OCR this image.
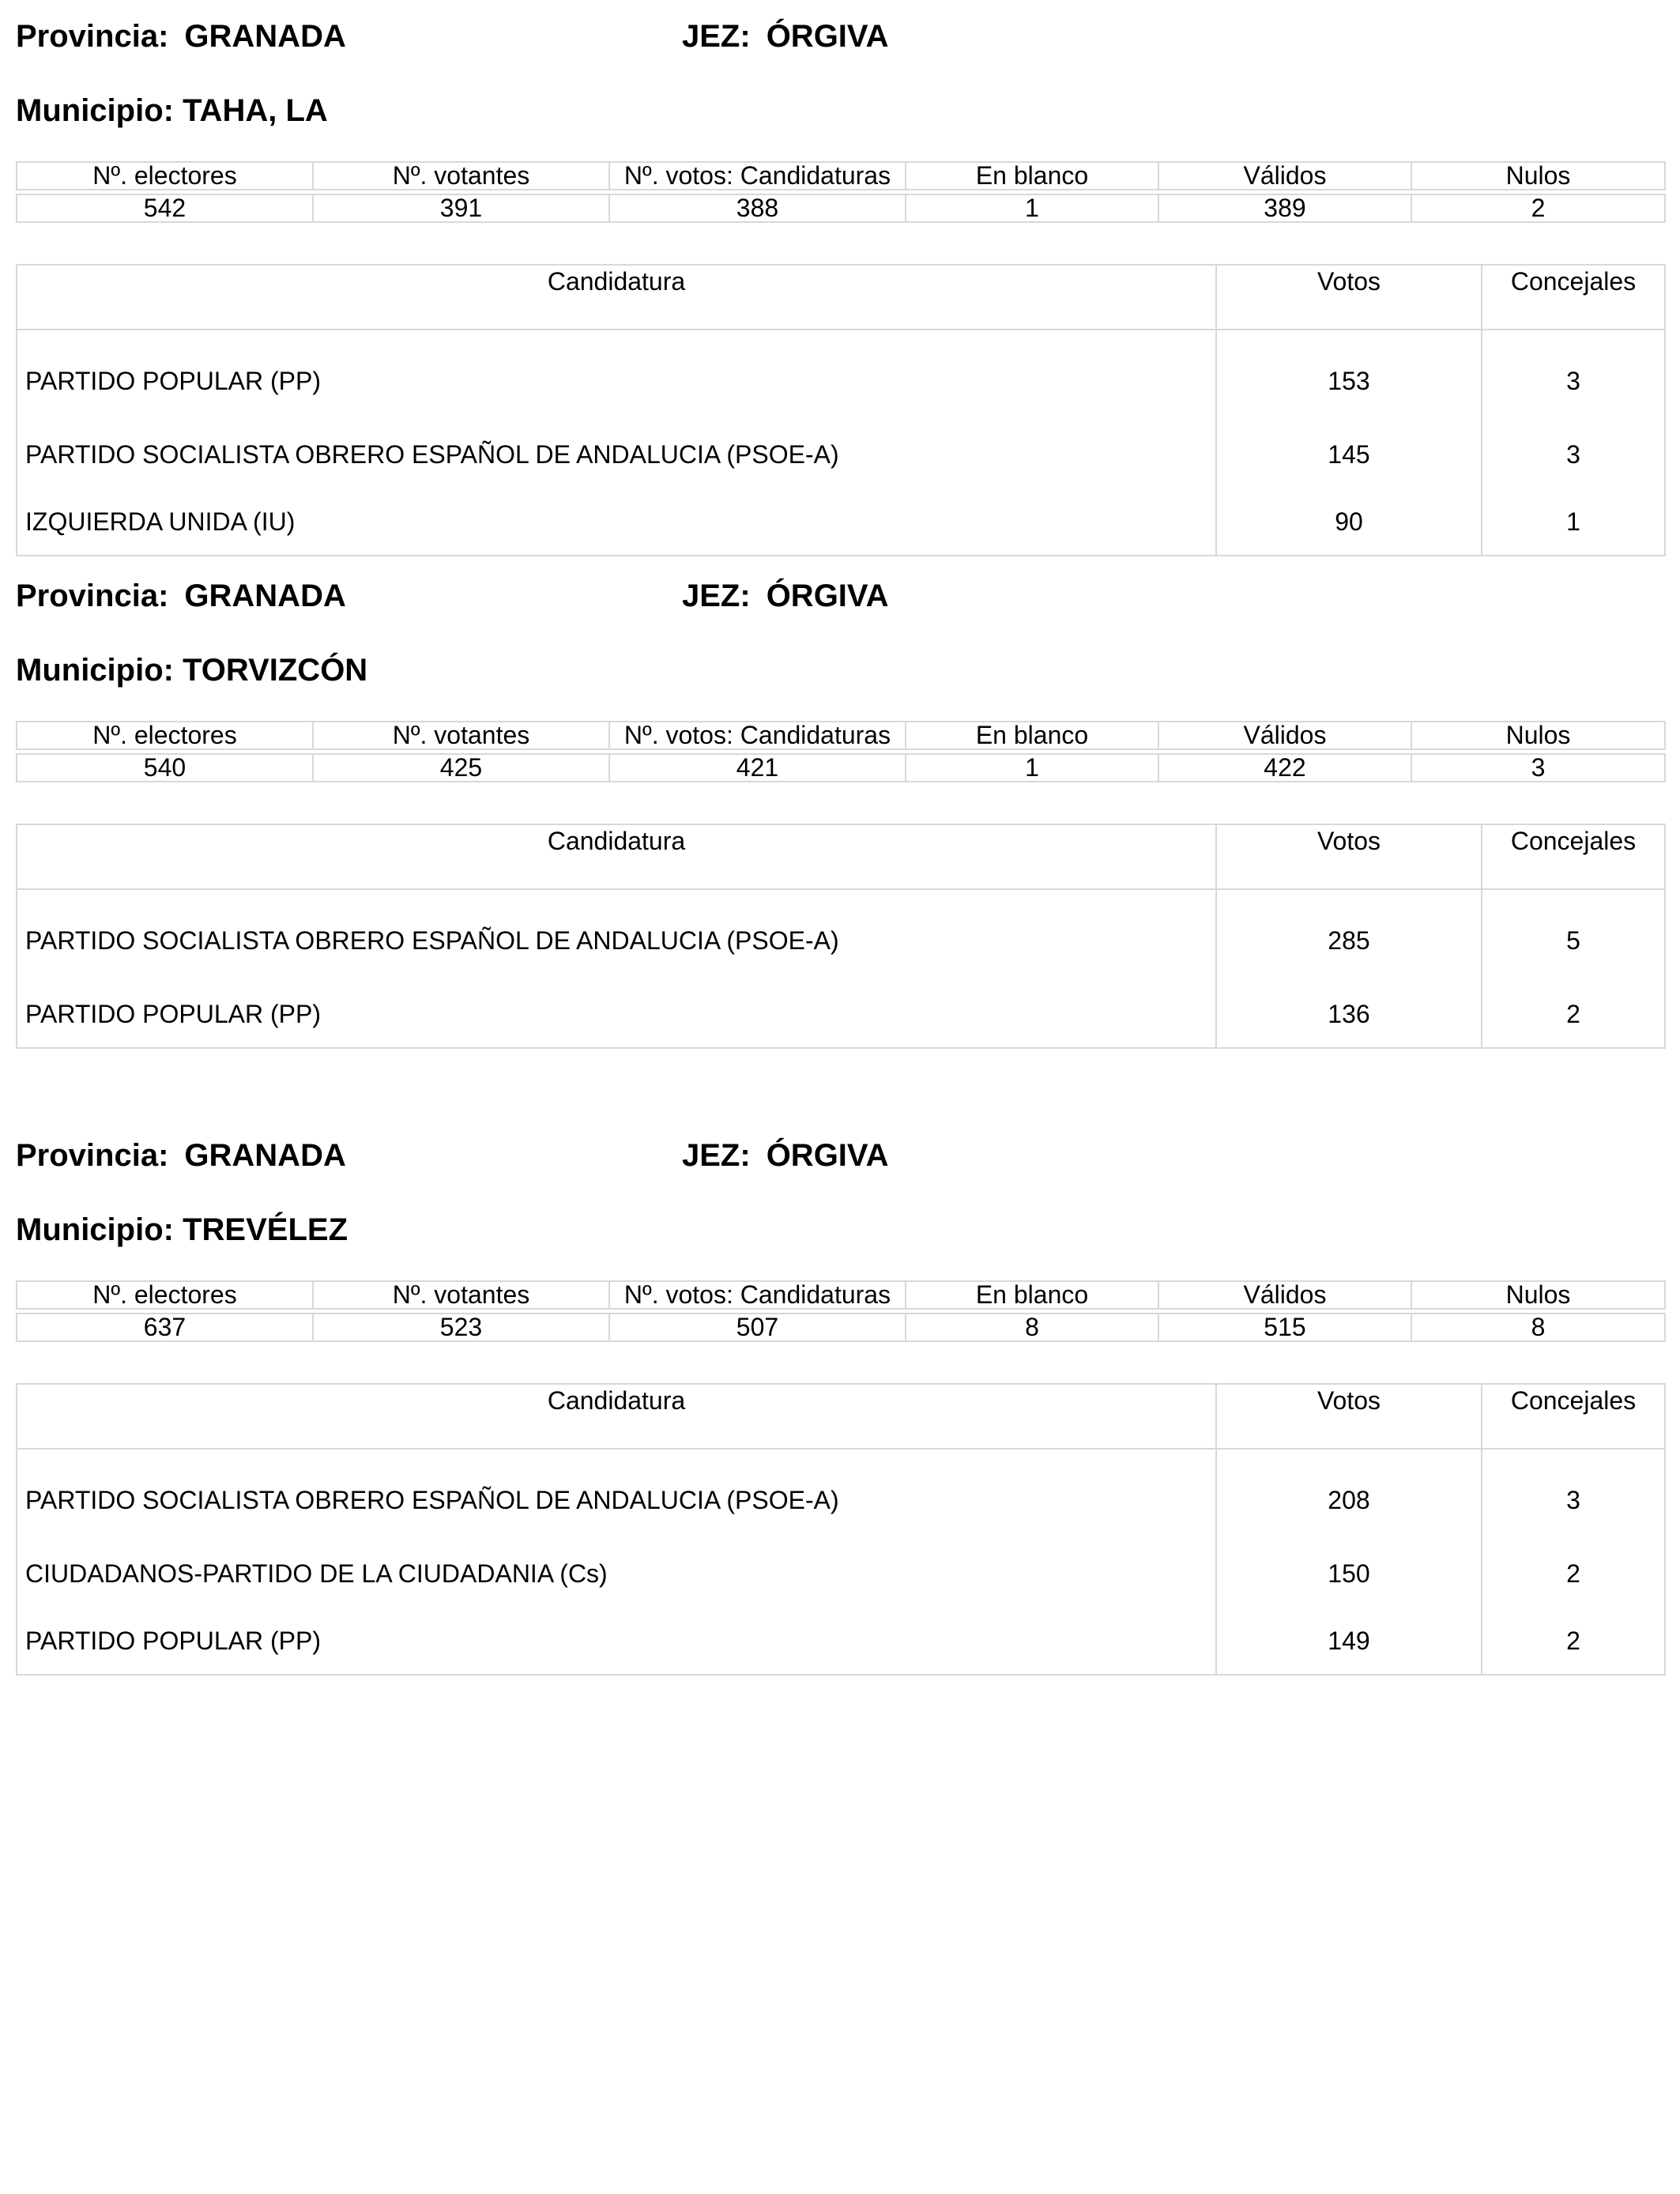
Provincia: GRANADA	JEZ: ÓRGIVA
Municipio: TAHA, LA
Nº. electores	Nº. votantes	Nº. votos: Candidaturas	En blanco	Válidos	Nulos

542	391	388	1	389	2
Candidatura	Votos	Concejales
PARTIDO POPULAR (PP)	153	3
PARTIDO SOCIALISTA OBRERO ESPAÑOL DE ANDALUCIA (PSOE-A)	145	3
IZQUIERDA UNIDA (IU)	90	1
Provincia: GRANADA	JEZ: ÓRGIVA
Municipio: TORVIZCÓN
Nº. electores	Nº. votantes	Nº. votos: Candidaturas	En blanco	Válidos	Nulos

540	425	421	1	422	3
Candidatura	Votos	Concejales
PARTIDO SOCIALISTA OBRERO ESPAÑOL DE ANDALUCIA (PSOE-A)	285	5
PARTIDO POPULAR (PP)	136	2
Provincia: GRANADA	JEZ: ÓRGIVA
Municipio: TREVÉLEZ
Nº. electores	Nº. votantes	Nº. votos: Candidaturas	En blanco	Válidos	Nulos

637	523	507	8	515	8
Candidatura	Votos	Concejales
PARTIDO SOCIALISTA OBRERO ESPAÑOL DE ANDALUCIA (PSOE-A)	208	3
CIUDADANOS-PARTIDO DE LA CIUDADANIA (Cs)	150	2
PARTIDO POPULAR (PP)	149	2
